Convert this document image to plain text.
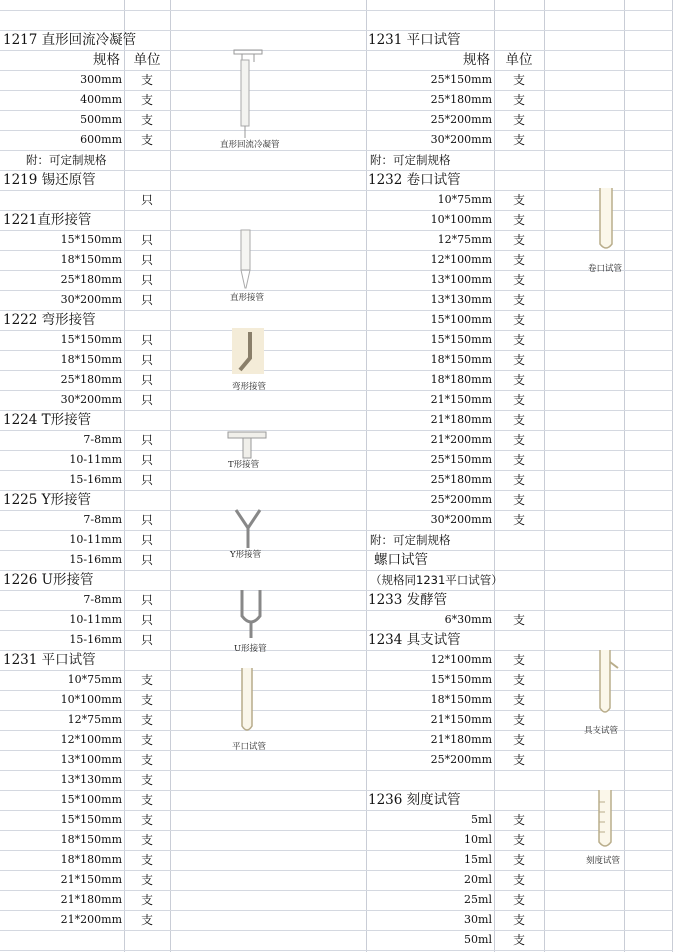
1217 直形回流冷凝管
规格	单位
300mm	支
400mm	支
500mm	支
600mm	支
附：可定制规格
1219 锡还原管
只
1221直形接管
15*150mm	只
18*150mm	只
25*180mm	只
30*200mm	只
1222 弯形接管
15*150mm	只
18*150mm	只
25*180mm	只
30*200mm	只
1224 T形接管
7-8mm	只
10-11mm	只
15-16mm	只
1225 Y形接管
7-8mm	只
10-11mm	只
15-16mm	只
1226 U形接管
7-8mm	只
10-11mm	只
15-16mm	只
1231 平口试管
10*75mm	支
10*100mm	支
12*75mm	支
12*100mm	支
13*100mm	支
13*130mm	支
15*100mm	支
15*150mm	支
18*150mm	支
18*180mm	支
21*150mm	支
21*180mm	支
21*200mm	支
1231 平口试管
规格	单位
25*150mm	支
25*180mm	支
25*200mm	支
30*200mm	支
附：可定制规格
1232 卷口试管
10*75mm	支
10*100mm	支
12*75mm	支
12*100mm	支
13*100mm	支
13*130mm	支
15*100mm	支
15*150mm	支
18*150mm	支
18*180mm	支
21*150mm	支
21*180mm	支
21*200mm	支
25*150mm	支
25*180mm	支
25*200mm	支
30*200mm	支
附：可定制规格
螺口试管
（规格同1231平口试管）
1233 发酵管
6*30mm	支
1234 具支试管
12*100mm	支
15*150mm	支
18*150mm	支
21*150mm	支
21*180mm	支
25*200mm	支
1236 刻度试管
5ml	支
10ml	支
15ml	支
20ml	支
25ml	支
30ml	支
50ml	支
直形回流冷凝管
直形接管
弯形接管
T形接管
Y形接管
U形接管
平口试管
卷口试管
具支试管
刻度试管
